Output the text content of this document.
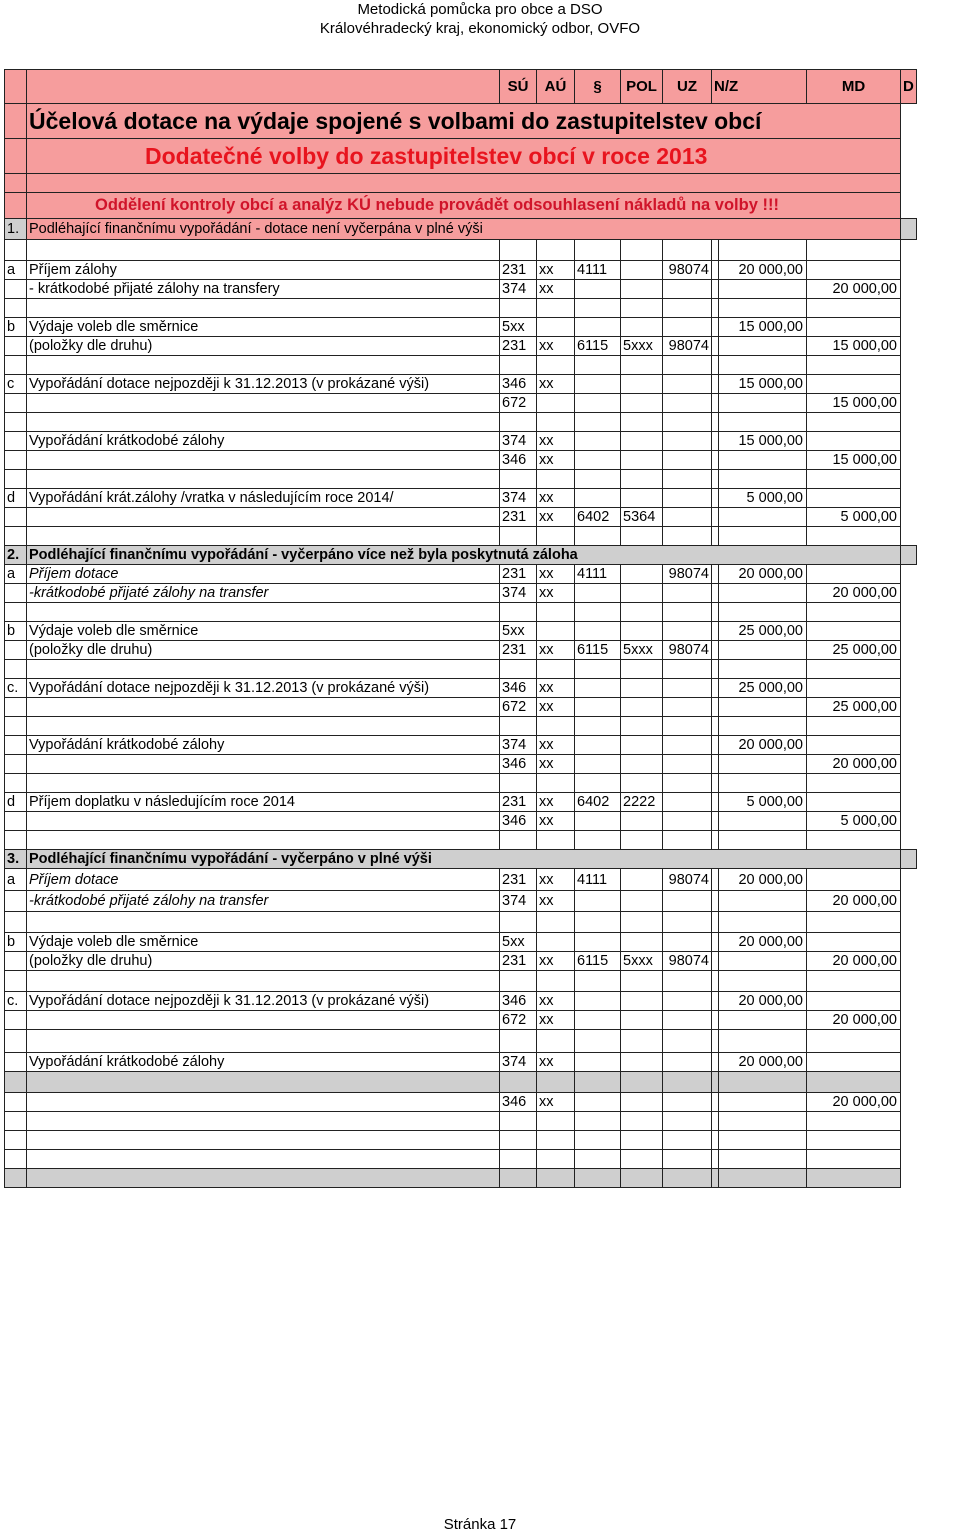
Metodická pomůcka pro obce a DSO
Královéhradecký kraj, ekonomický odbor, OVFO
		SÚ	AÚ	§	POL	UZ	N/Z		MD	D
	Účelová dotace na výdaje spojené s volbami do zastupitelstev obcí									
	Dodatečné volby do zastupitelstev obcí v roce 2013									

	Oddělení kontroly obcí a analýz KÚ nebude provádět odsouhlasení nákladů na volby !!!									
1.	Podléhající finančnímu vypořádání - dotace není vyčerpána v plné výši									

a	Příjem zálohy	231	xx	4111		98074		20 000,00		
	- krátkodobé přijaté zálohy na transfery	374	xx						20 000,00	

b	Výdaje voleb dle směrnice	5xx						15 000,00		
	(položky dle druhu)	231	xx	6115	5xxx	98074			15 000,00	

c	Vypořádání dotace nejpozději k 31.12.2013 (v prokázané výši)	346	xx					15 000,00		
		672							15 000,00	

	Vypořádání krátkodobé zálohy	374	xx					15 000,00		
		346	xx						15 000,00	

d	Vypořádání krát.zálohy /vratka v následujícím roce 2014/	374	xx					5 000,00		
		231	xx	6402	5364				5 000,00	

2.	Podléhající finančnímu vypořádání - vyčerpáno více než byla poskytnutá záloha									
a	Příjem dotace	231	xx	4111		98074		20 000,00		
	-krátkodobé přijaté zálohy na transfer	374	xx						20 000,00	

b	Výdaje voleb dle směrnice	5xx						25 000,00		
	(položky dle druhu)	231	xx	6115	5xxx	98074			25 000,00	

c.	Vypořádání dotace nejpozději k 31.12.2013 (v prokázané výši)	346	xx					25 000,00		
		672	xx						25 000,00	

	Vypořádání krátkodobé zálohy	374	xx					20 000,00		
		346	xx						20 000,00	

d	Příjem doplatku v následujícím roce 2014	231	xx	6402	2222			5 000,00		
		346	xx						5 000,00	

3.	Podléhající finančnímu vypořádání - vyčerpáno v plné výši									
a	Příjem dotace	231	xx	4111		98074		20 000,00		
	-krátkodobé přijaté zálohy na transfer	374	xx						20 000,00	

b	Výdaje voleb dle směrnice	5xx						20 000,00		
	(položky dle druhu)	231	xx	6115	5xxx	98074			20 000,00	

c.	Vypořádání dotace nejpozději k 31.12.2013 (v prokázané výši)	346	xx					20 000,00		
		672	xx						20 000,00	

	Vypořádání krátkodobé zálohy	374	xx					20 000,00		

		346	xx						20 000,00	

Stránka 17
